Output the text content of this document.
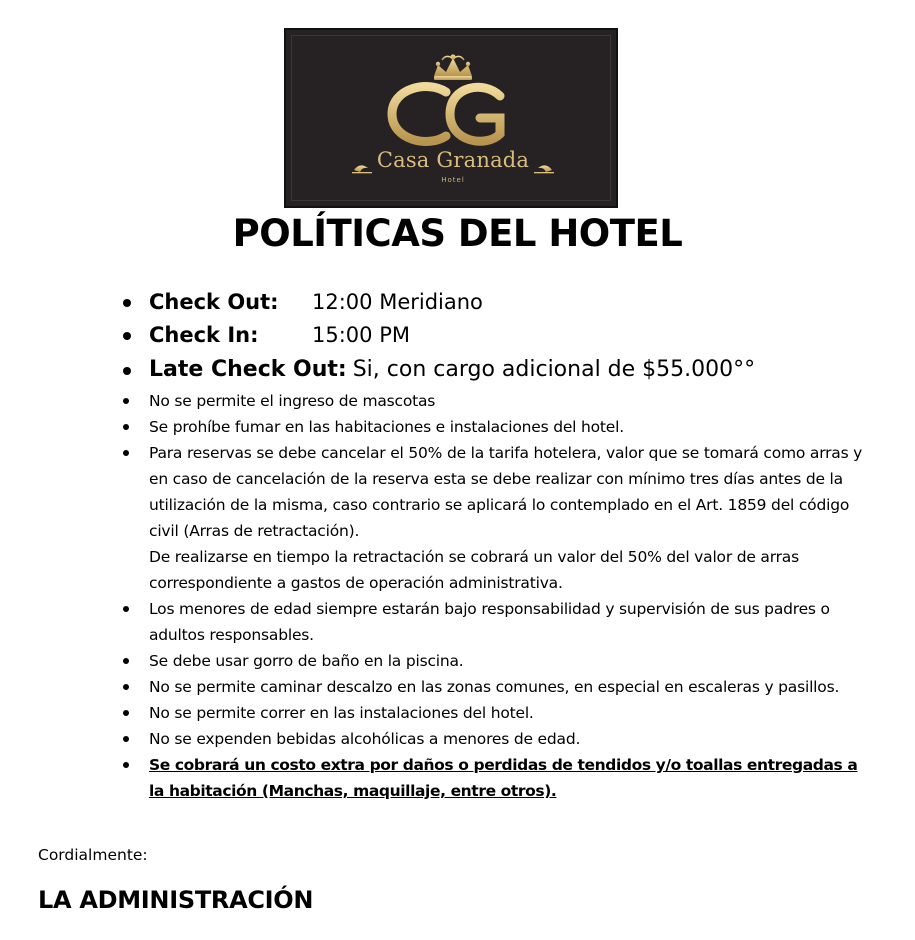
Casa Granada
Hotel
POLÍTICAS DEL HOTEL
Check Out: 12:00 Meridiano
Check In:	15:00 PM
Late Check Out: Si, con cargo adicional de $55.000°°
No se permite el ingreso de mascotas
Se prohíbe fumar en las habitaciones e instalaciones del hotel.
Para reservas se debe cancelar el 50% de la tarifa hotelera, valor que se tomará como arras y en caso de cancelación de la reserva esta se debe realizar con mínimo tres días antes de la utilización de la misma, caso contrario se aplicará lo contemplado en el Art. 1859 del código civil (Arras de retractación).
De realizarse en tiempo la retractación se cobrará un valor del 50% del valor de arras correspondiente a gastos de operación administrativa.
Los menores de edad siempre estarán bajo responsabilidad y supervisión de sus padres o adultos responsables.
Se debe usar gorro de baño en la piscina.
No se permite caminar descalzo en las zonas comunes, en especial en escaleras y pasillos.
No se permite correr en las instalaciones del hotel.
No se expenden bebidas alcohólicas a menores de edad.
Se cobrará un costo extra por daños o perdidas de tendidos y/o toallas entregadas a la habitación (Manchas, maquillaje, entre otros).
Cordialmente:
LA ADMINISTRACIÓN
